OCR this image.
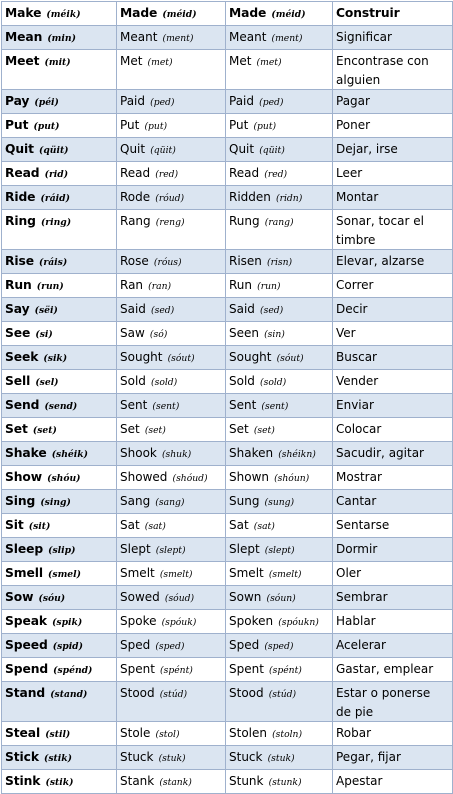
Make (méik)	Made (méid)	Made (méid)	Construir
Mean (min)	Meant (ment)	Meant (ment)	Significar
Meet (mit)	Met (met)	Met (met)	Encontrase con alguien
Pay (péi)	Paid (ped)	Paid (ped)	Pagar
Put (put)	Put (put)	Put (put)	Poner
Quit (qüit)	Quit (qüit)	Quit (qüit)	Dejar, irse
Read (rid)	Read (red)	Read (red)	Leer
Ride (ráid)	Rode (róud)	Ridden (ridn)	Montar
Ring (ring)	Rang (reng)	Rung (rang)	Sonar, tocar el timbre
Rise (ráis)	Rose (róus)	Risen (risn)	Elevar, alzarse
Run (run)	Ran (ran)	Run (run)	Correr
Say (sëi)	Said (sed)	Said (sed)	Decir
See (si)	Saw (só)	Seen (sin)	Ver
Seek (sik)	Sought (sóut)	Sought (sóut)	Buscar
Sell (sel)	Sold (sold)	Sold (sold)	Vender
Send (send)	Sent (sent)	Sent (sent)	Enviar
Set (set)	Set (set)	Set (set)	Colocar
Shake (shéik)	Shook (shuk)	Shaken (shéikn)	Sacudir, agitar
Show (shóu)	Showed (shóud)	Shown (shóun)	Mostrar
Sing (sing)	Sang (sang)	Sung (sung)	Cantar
Sit (sit)	Sat (sat)	Sat (sat)	Sentarse
Sleep (slip)	Slept (slept)	Slept (slept)	Dormir
Smell (smel)	Smelt (smelt)	Smelt (smelt)	Oler
Sow (sóu)	Sowed (sóud)	Sown (sóun)	Sembrar
Speak (spik)	Spoke (spóuk)	Spoken (spóukn)	Hablar
Speed (spid)	Sped (sped)	Sped (sped)	Acelerar
Spend (spénd)	Spent (spént)	Spent (spént)	Gastar, emplear
Stand (stand)	Stood (stúd)	Stood (stúd)	Estar o ponerse de pie
Steal (stil)	Stole (stol)	Stolen (stoln)	Robar
Stick (stik)	Stuck (stuk)	Stuck (stuk)	Pegar, fijar
Stink (stik)	Stank (stank)	Stunk (stunk)	Apestar
